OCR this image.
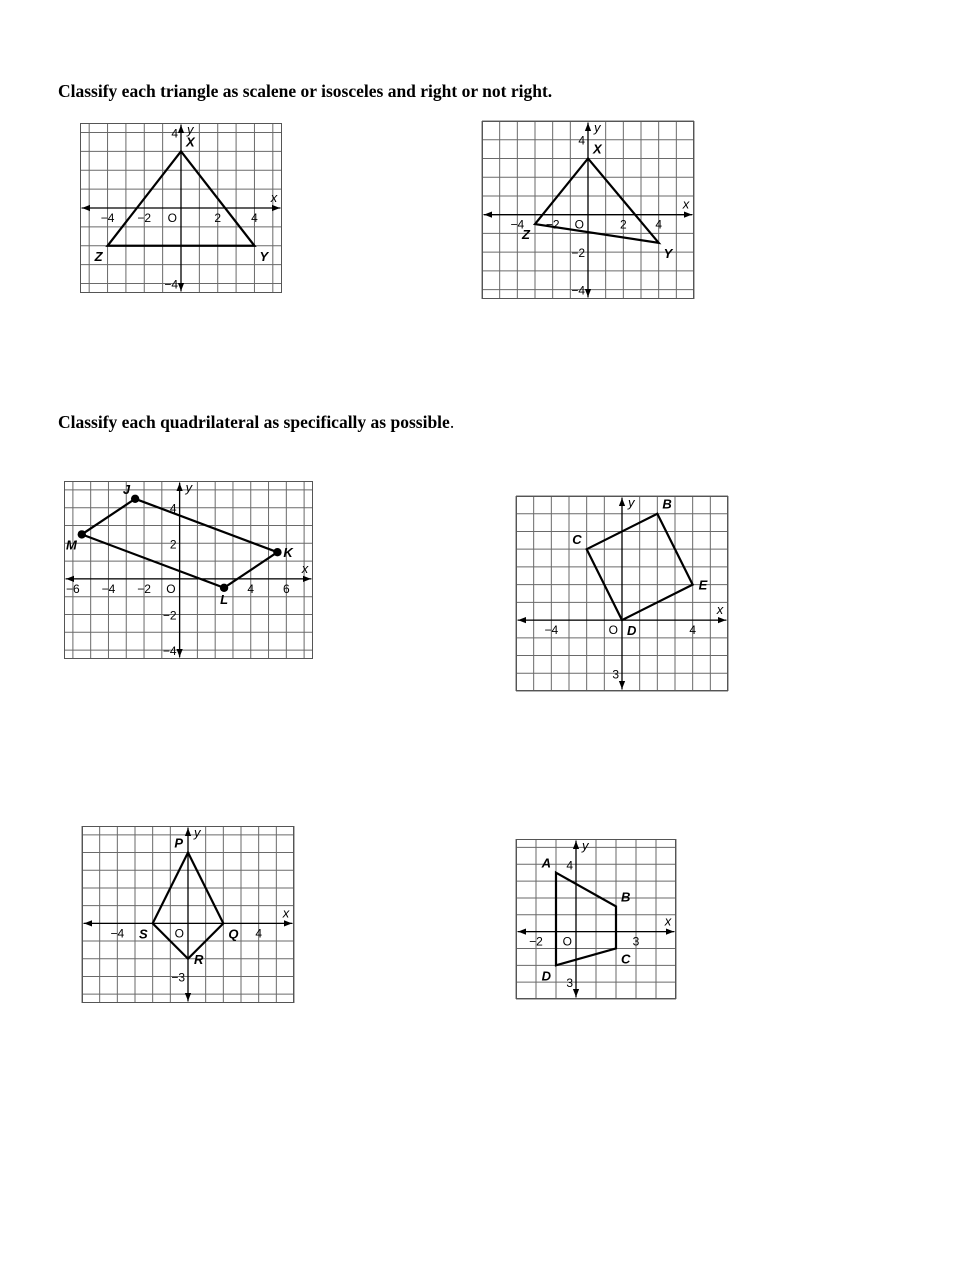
Classify each triangle as scalene or isosceles and right or not right.
x
y
−4 −2	2	4
4
−4
O
X
Y
Z
x
y
−4 −2	2 4
4
−2
−4
O
X
Y
Z
Classify each quadrilateral as specifically as possible.
x
y
−6 −4 −2	4 6
4
2
−2
−4
O
J
K
L
M
x
y
−4	4
3
O
B
E
D
C
x
y
−4	4
−3
O
P
Q
R
S
x
y
−2	3
4
3
O
A
B
C
D
